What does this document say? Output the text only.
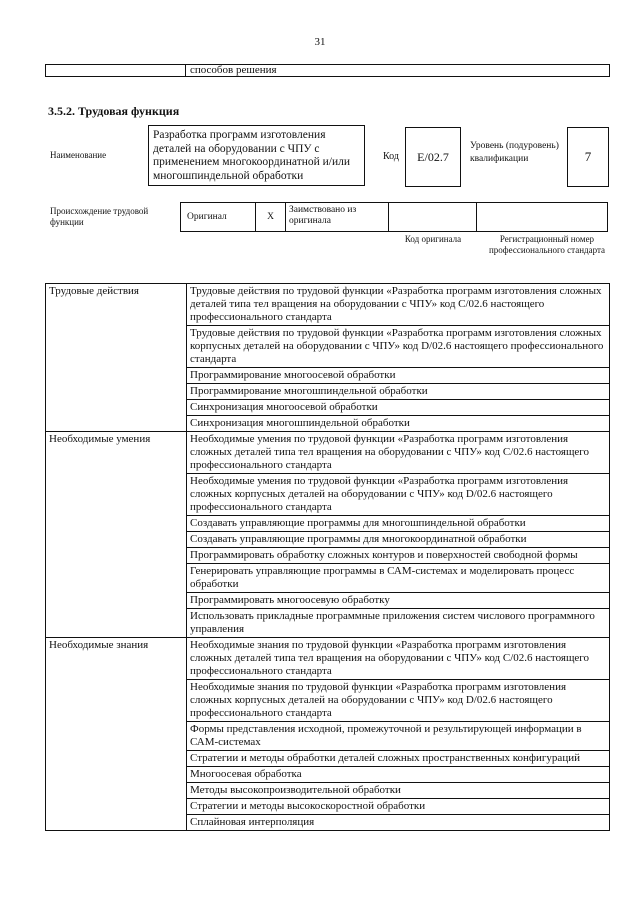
31
способов решения
3.5.2. Трудовая функция
Наименование
Разработка программ изготовления деталей на оборудовании с ЧПУ с применением многокоординатной и/или многошпиндельной обработки
Код	E/02.7
Уровень (подуровень) квалификации	7
Происхождение трудовой функции	Оригинал	X
Заимствовано из оригинала
Код оригинала	Регистрационный номер профессионального стандарта
Трудовые действия	Трудовые действия по трудовой функции «Разработка программ изготовления сложных деталей типа тел вращения на оборудовании с ЧПУ» код С/02.6 настоящего профессионального стандарта
	Трудовые действия по трудовой функции «Разработка программ изготовления сложных корпусных деталей на оборудовании с ЧПУ» код D/02.6 настоящего профессионального стандарта
	Программирование многоосевой обработки
	Программирование многошпиндельной обработки
	Синхронизация многоосевой обработки
	Синхронизация многошпиндельной обработки
Необходимые умения	Необходимые умения по трудовой функции «Разработка программ изготовления сложных деталей типа тел вращения на оборудовании с ЧПУ» код С/02.6 настоящего профессионального стандарта
	Необходимые умения по трудовой функции «Разработка программ изготовления сложных корпусных деталей на оборудовании с ЧПУ» код D/02.6 настоящего профессионального стандарта
	Создавать управляющие программы для многошпиндельной обработки
	Создавать управляющие программы для многокоординатной обработки
	Программировать обработку сложных контуров и поверхностей свободной формы
	Генерировать управляющие программы в САМ-системах и моделировать процесс обработки
	Программировать многоосевую обработку
	Использовать прикладные программные приложения систем числового программного управления
Необходимые знания	Необходимые знания по трудовой функции «Разработка программ изготовления сложных деталей типа тел вращения на оборудовании с ЧПУ» код С/02.6 настоящего профессионального стандарта
	Необходимые знания по трудовой функции «Разработка программ изготовления сложных корпусных деталей на оборудовании с ЧПУ» код D/02.6 настоящего профессионального стандарта
	Формы представления исходной, промежуточной и результирующей информации в САМ-системах
	Стратегии и методы обработки деталей сложных пространственных конфигураций
	Многоосевая обработка
	Методы высокопроизводительной обработки
	Стратегии и методы высокоскоростной обработки
	Сплайновая интерполяция
